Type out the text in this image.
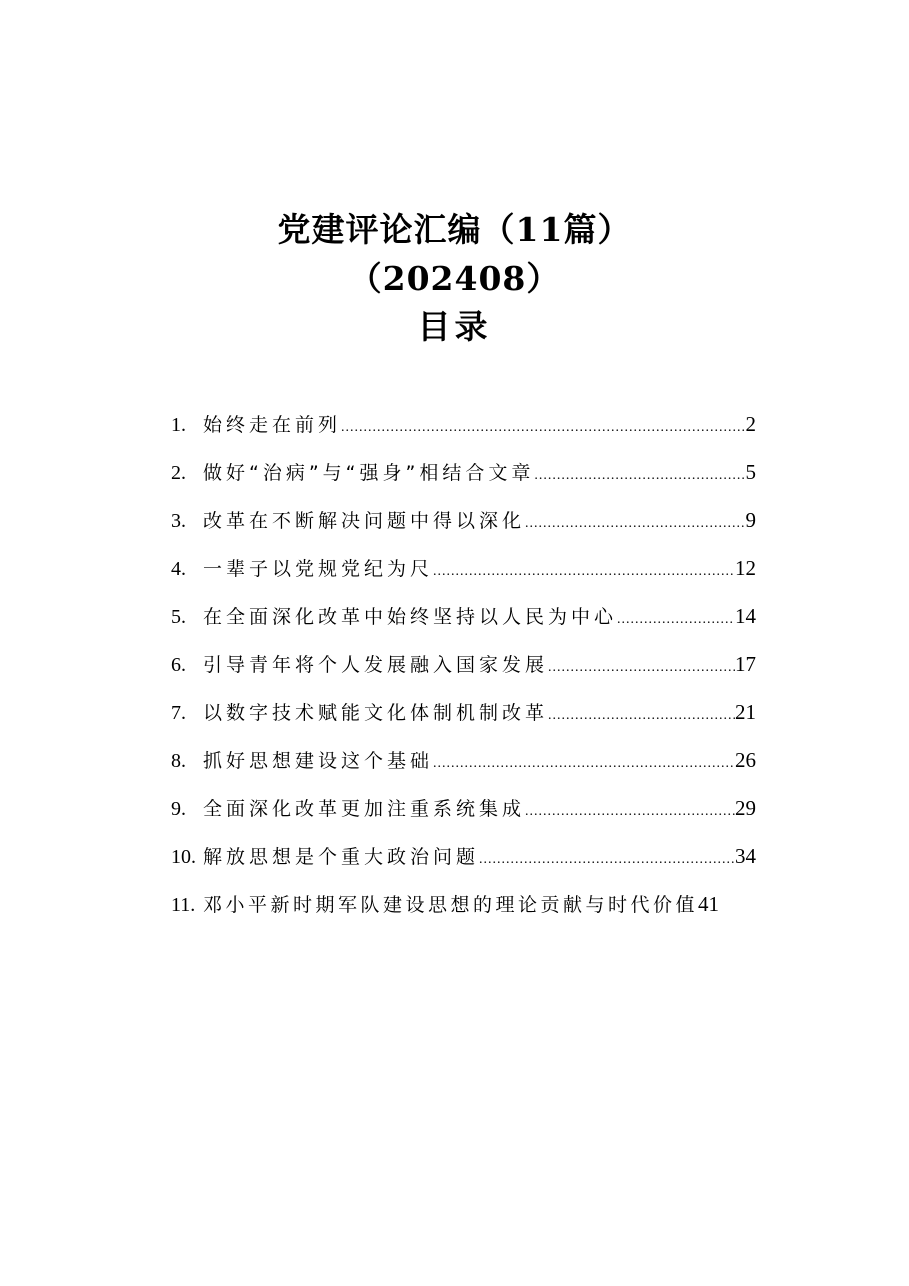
党建评论汇编（11篇）
（202408）
目录
1. 始终走在前列 .....	2
2. 做好“治病”与“强身”相结合文章 .....	5
3. 改革在不断解决问题中得以深化 .....	9
4. 一辈子以党规党纪为尺 .....	12
5. 在全面深化改革中始终坚持以人民为中心 .....	14
6. 引导青年将个人发展融入国家发展 .....	17
7. 以数字技术赋能文化体制机制改革 .....	21
8. 抓好思想建设这个基础 .....	26
9. 全面深化改革更加注重系统集成 .....	29
10. 解放思想是个重大政治问题 .....	34
11. 邓小平新时期军队建设思想的理论贡献与时代价值 41
